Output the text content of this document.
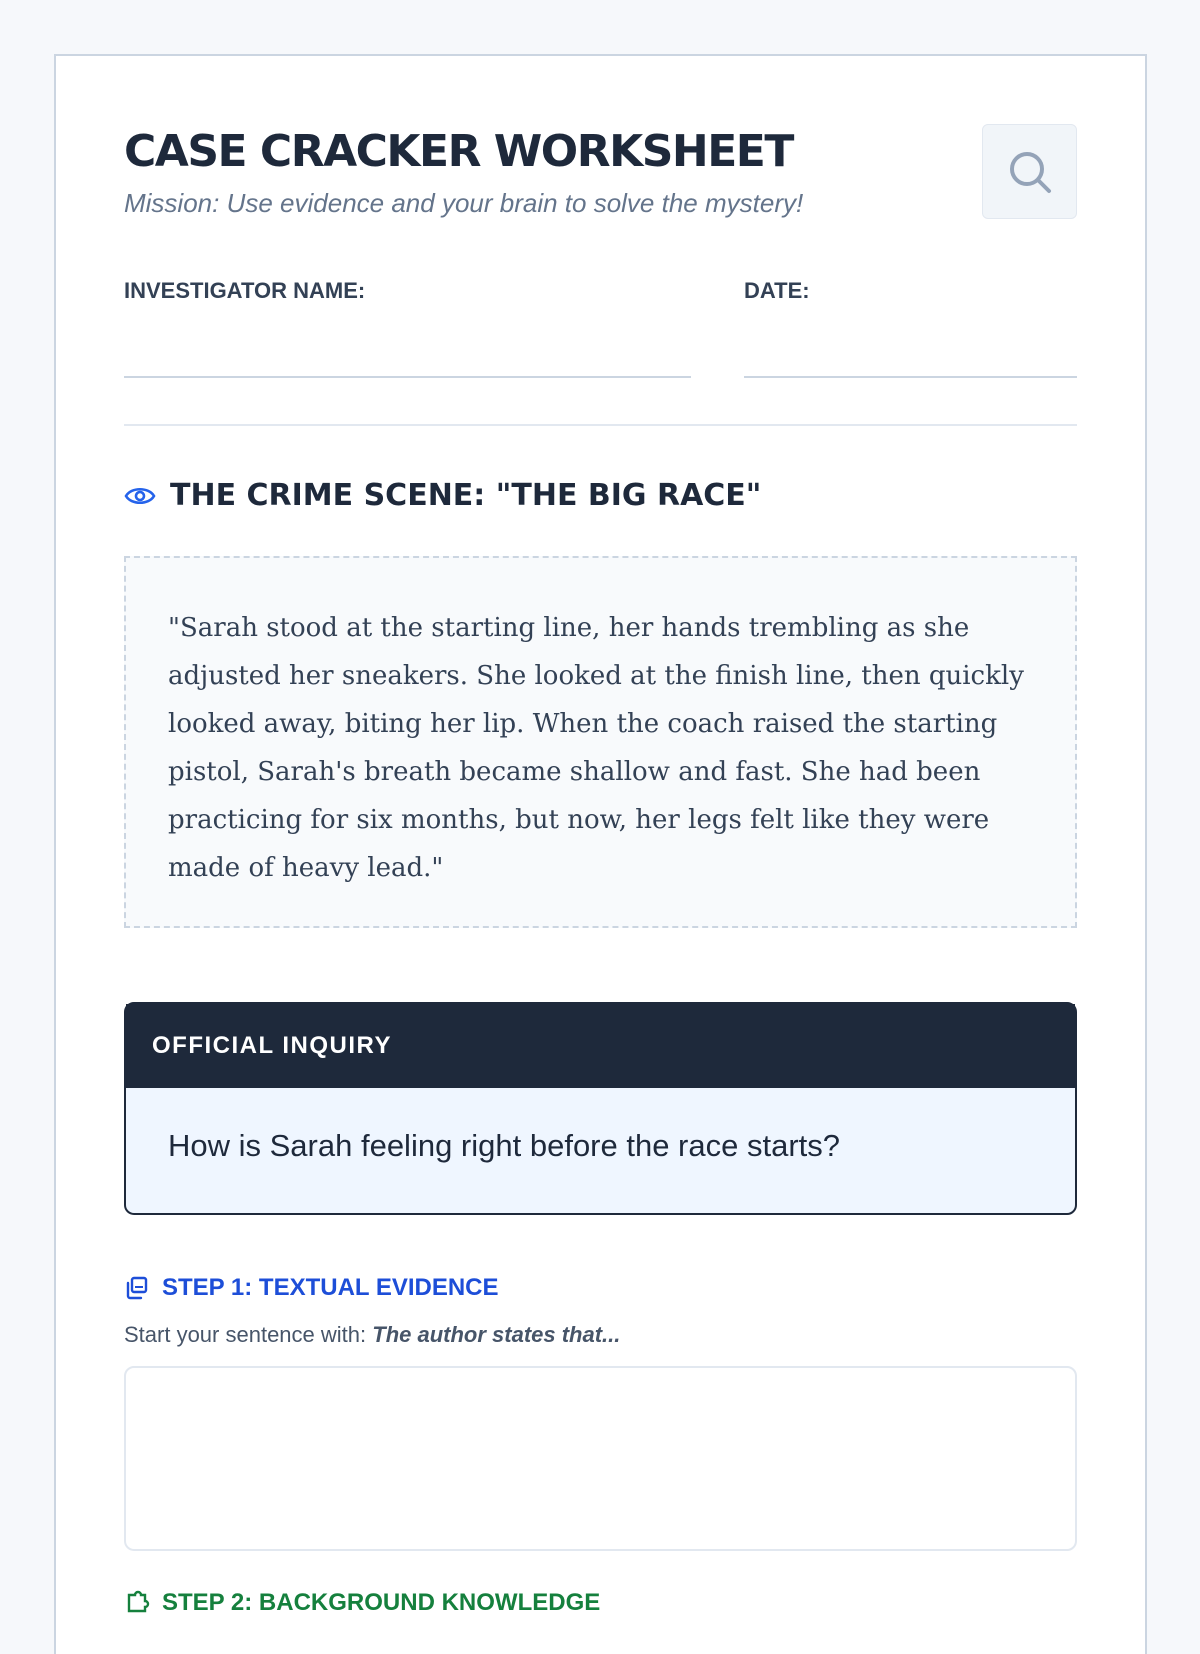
CASE CRACKER WORKSHEET
Mission: Use evidence and your brain to solve the mystery!
INVESTIGATOR NAME:	DATE:
THE CRIME SCENE: "THE BIG RACE"
"Sarah stood at the starting line, her hands trembling as she adjusted her sneakers. She looked at the finish line, then quickly looked away, biting her lip. When the coach raised the starting pistol, Sarah's breath became shallow and fast. She had been practicing for six months, but now, her legs felt like they were made of heavy lead."
OFFICIAL INQUIRY
How is Sarah feeling right before the race starts?
STEP 1: TEXTUAL EVIDENCE
Start your sentence with: The author states that...
STEP 2: BACKGROUND KNOWLEDGE
